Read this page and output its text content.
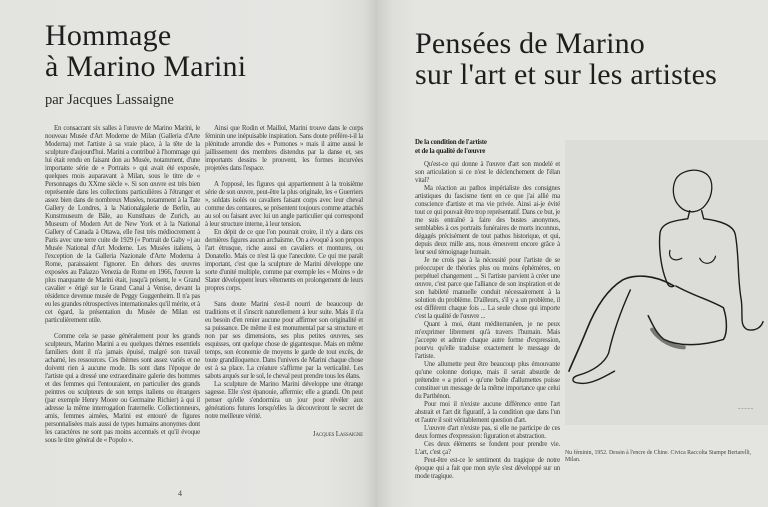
Hommage
à Marino Marini
par Jacques Lassaigne

En consacrant six salles à l'œuvre de Marino Marini, le nouveau Musée d'Art Moderne de Milan (Galleria d'Arte Moderna) met l'artiste à sa vraie place, à la tête de la sculpture d'aujourd'hui. Marini a contribué à l'hommage qui lui était rendu en faisant don au Musée, notamment, d'une importante série de « Portraits » qui avait été exposée, quelques mois auparavant à Milan, sous le titre de « Personnages du XXme siècle ». Si son œuvre est très bien représentée dans les collections particulières à l'étranger et assez bien dans de nombreux Musées, notamment à la Tate Gallery de Londres, à la Nationalgalerie de Berlin, au Kunstmuseum de Bâle, au Kunsthaus de Zurich, au Museum of Modern Art de New York et à la National Gallery of Canada à Ottawa, elle l'est très médiocrement à Paris avec une terre cuite de 1929 (« Portrait de Gaby ») au Musée National d'Art Moderne. Les Musées italiens, à l'exception de la Galleria Nazionale d'Arte Moderna à Rome, paraissaient l'ignorer. En dehors des œuvres exposées au Palazzo Venezia de Rome en 1966, l'œuvre la plus marquante de Marini était, jusqu'à présent, le « Grand cavalier » érigé sur le Grand Canal à Venise, devant la résidence devenue musée de Peggy Guggenheim. Il n'a pas eu les grandes rétrospectives internationales qu'il mérite, et à cet égard, la présentation du Musée de Milan est particulièrement utile.

Comme cela se passe généralement pour les grands sculpteurs, Marino Marini a eu quelques thèmes essentiels familiers dont il n'a jamais épuisé, malgré son travail acharné, les ressources. Ces thèmes sont assez variés et ne doivent rien à aucune mode. Ils sont dans l'époque de l'artiste qui a dressé une extraordinaire galerie des hommes et des femmes qui l'entouraient, en particulier des grands peintres ou sculpteurs de son temps italiens ou étrangers (par exemple Henry Moore ou Germaine Richier) à qui il adresse la même interrogation fraternelle. Collectionneurs, amis, femmes aimées, Marini est entouré de figures personnalisées mais aussi de types humains anonymes dont les caractères ne sont pas moins accentués et qu'il évoque sous le titre général de « Popolo ».

Ainsi que Rodin et Maillol, Marini trouve dans le corps féminin une inépuisable inspiration. Sans doute préfère-t-il la plénitude arrondie des « Pomones » mais il aime aussi le jaillissement des membres distendus par la danse et, ses importants dessins le prouvent, les formes incurvées projetées dans l'espace.

A l'opposé, les figures qui appartiennent à la troisième série de son œuvre, peut-être la plus originale, les « Guerriers », soldats isolés ou cavaliers faisant corps avec leur cheval comme des centaures, se présentent toujours comme attachés au sol ou faisant avec lui un angle particulier qui correspond à leur structure interne, à leur tension.

En dépit de ce que l'on pourrait croire, il n'y a dans ces dernières figures aucun archaïsme. On a évoqué à son propos l'art étrusque, riche aussi en cavaliers et montures, ou Donatello. Mais ce n'est là que l'anecdote. Ce qui me paraît important, c'est que la sculpture de Marini développe une sorte d'unité multiple, comme par exemple les « Moires » de Slater développent leurs vêtements en prolongement de leurs propres corps.

Sans doute Marini s'est-il nourri de beaucoup de traditions et il s'inscrit naturellement à leur suite. Mais il n'a eu besoin d'en renier aucune pour affirmer son originalité et sa puissance. De même il est monumental par sa structure et non par ses dimensions, ses plus petites œuvres, ses esquisses, ont quelque chose de gigantesque. Mais en même temps, son économie de moyens le garde de tout excès, de toute grandiloquence. Dans l'univers de Marini chaque chose est à sa place. La créature s'affirme par la verticalité. Les sabots arqués sur le sol, le cheval peut prendre tous les élans.

La sculpture de Marino Marini développe une étrange sagesse. Elle s'est épanouie, affermie; elle a grandi. On peut penser qu'elle s'endormira un jour pour révéler aux générations futures lorsqu'elles la découvriront le secret de notre meilleure vérité.

Jacques Lassaigne
4
Pensées de Marino
sur l'art et sur les artistes
De la condition de l'artiste
et de la qualité de l'œuvre

Qu'est-ce qui donne à l'œuvre d'art son modelé et son articulation si ce n'est le déclenchement de l'élan vital?

Ma réaction au pathos impérialiste des consignes artistiques du fascisme tient en ce que j'ai allié ma conscience d'artiste et ma vie privée. Ainsi ai-je évité tout ce qui pouvait être trop représentatif. Dans ce but, je me suis entraîné à faire des bustes anonymes, semblables à ces portraits funéraires de morts inconnus, dégagés précisément de tout pathos historique, et qui, depuis deux mille ans, nous émeuvent encore grâce à leur seul témoignage humain.

Je ne crois pas à la nécessité pour l'artiste de se préoccuper de théories plus ou moins éphémères, en perpétuel changement ... Si l'artiste parvient à créer une œuvre, c'est parce que l'alliance de son inspiration et de son habileté manuelle conduit nécessairement à la solution du problème. D'ailleurs, s'il y a un problème, il est différent chaque fois ... La seule chose qui importe c'est la qualité de l'œuvre ...

Quant à moi, étant méditerranéen, je ne peux m'exprimer librement qu'à travers l'humain. Mais j'accepte et admire chaque autre forme d'expression, pourvu qu'elle traduise exactement le message de l'artiste.

Une allumette peut être beaucoup plus émouvante qu'une colonne dorique, mais il serait absurde de prétendre « a priori » qu'une boîte d'allumettes puisse constituer un message de la même importance que celui du Parthénon.

Pour moi il n'existe aucune différence entre l'art abstrait et l'art dit figuratif, à la condition que dans l'un et l'autre il soit véritablement question d'art.

L'œuvre d'art n'existe pas, si elle ne participe de ces deux formes d'expression: figuration et abstraction.

Ces deux éléments se fondent pour prendre vie. L'art, c'est ça?

Peut-être est-ce le sentiment du tragique de notre époque qui a fait que mon style s'est développé sur un mode tragique.

~~~~~
Nu féminin, 1952. Dessin à l'encre de Chine. Civica Raccolta Stampe Bertarelli, Milan.
